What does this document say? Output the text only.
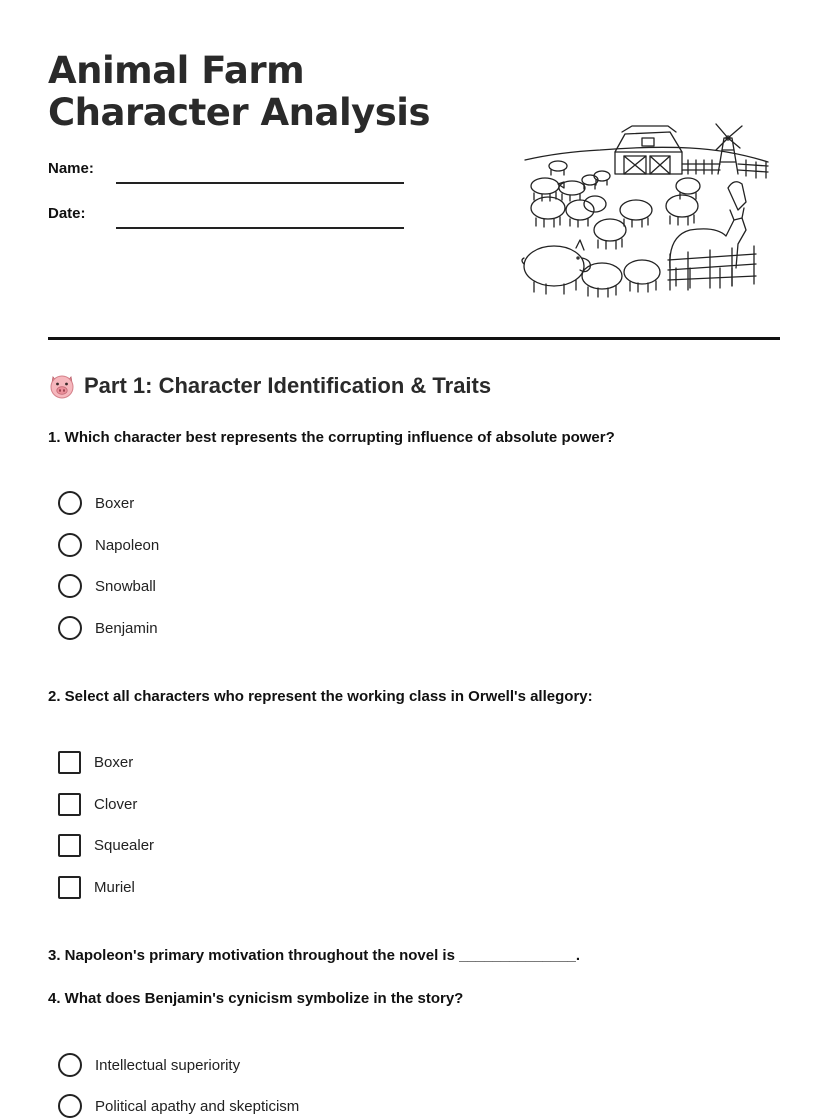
Animal Farm Character Analysis
Name:
Date:
Part 1: Character Identification & Traits

1. Which character best represents the corrupting influence of absolute power?

Boxer
Napoleon
Snowball
Benjamin

2. Select all characters who represent the working class in Orwell's allegory:

Boxer
Clover
Squealer
Muriel

3. Napoleon's primary motivation throughout the novel is ______________.

4. What does Benjamin's cynicism symbolize in the story?

Intellectual superiority
Political apathy and skepticism
